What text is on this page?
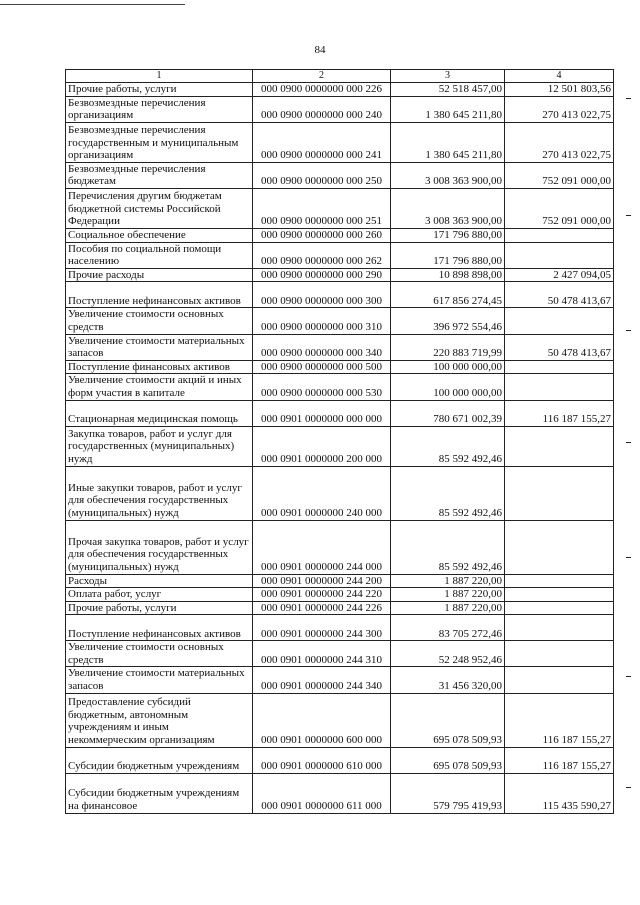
84
1	2	3	4
Прочие работы, услуги	000 0900 0000000 000 226	52 518 457,00	12 501 803,56
Безвозмездные перечисления организациям	000 0900 0000000 000 240	1 380 645 211,80	270 413 022,75
Безвозмездные перечисления государственным и муниципальным организациям	000 0900 0000000 000 241	1 380 645 211,80	270 413 022,75
Безвозмездные перечисления бюджетам	000 0900 0000000 000 250	3 008 363 900,00	752 091 000,00
Перечисления другим бюджетам бюджетной системы Российской Федерации	000 0900 0000000 000 251	3 008 363 900,00	752 091 000,00
Социальное обеспечение	000 0900 0000000 000 260	171 796 880,00	
Пособия по социальной помощи населению	000 0900 0000000 000 262	171 796 880,00	
Прочие расходы	000 0900 0000000 000 290	10 898 898,00	2 427 094,05
Поступление нефинансовых активов	000 0900 0000000 000 300	617 856 274,45	50 478 413,67
Увеличение стоимости основных средств	000 0900 0000000 000 310	396 972 554,46	
Увеличение стоимости материальных запасов	000 0900 0000000 000 340	220 883 719,99	50 478 413,67
Поступление финансовых активов	000 0900 0000000 000 500	100 000 000,00	
Увеличение стоимости акций и иных форм участия в капитале	000 0900 0000000 000 530	100 000 000,00	
Стационарная медицинская помощь	000 0901 0000000 000 000	780 671 002,39	116 187 155,27
Закупка товаров, работ и услуг для государственных (муниципальных) нужд	000 0901 0000000 200 000	85 592 492,46	
Иные закупки товаров, работ и услуг для обеспечения государственных (муниципальных) нужд	000 0901 0000000 240 000	85 592 492,46	
Прочая закупка товаров, работ и услуг для обеспечения государственных (муниципальных) нужд	000 0901 0000000 244 000	85 592 492,46	
Расходы	000 0901 0000000 244 200	1 887 220,00	
Оплата работ, услуг	000 0901 0000000 244 220	1 887 220,00	
Прочие работы, услуги	000 0901 0000000 244 226	1 887 220,00	
Поступление нефинансовых активов	000 0901 0000000 244 300	83 705 272,46	
Увеличение стоимости основных средств	000 0901 0000000 244 310	52 248 952,46	
Увеличение стоимости материальных запасов	000 0901 0000000 244 340	31 456 320,00	
Предоставление субсидий бюджетным, автономным учреждениям и иным некоммерческим организациям	000 0901 0000000 600 000	695 078 509,93	116 187 155,27
Субсидии бюджетным учреждениям	000 0901 0000000 610 000	695 078 509,93	116 187 155,27
Субсидии бюджетным учреждениям на финансовое	000 0901 0000000 611 000	579 795 419,93	115 435 590,27
